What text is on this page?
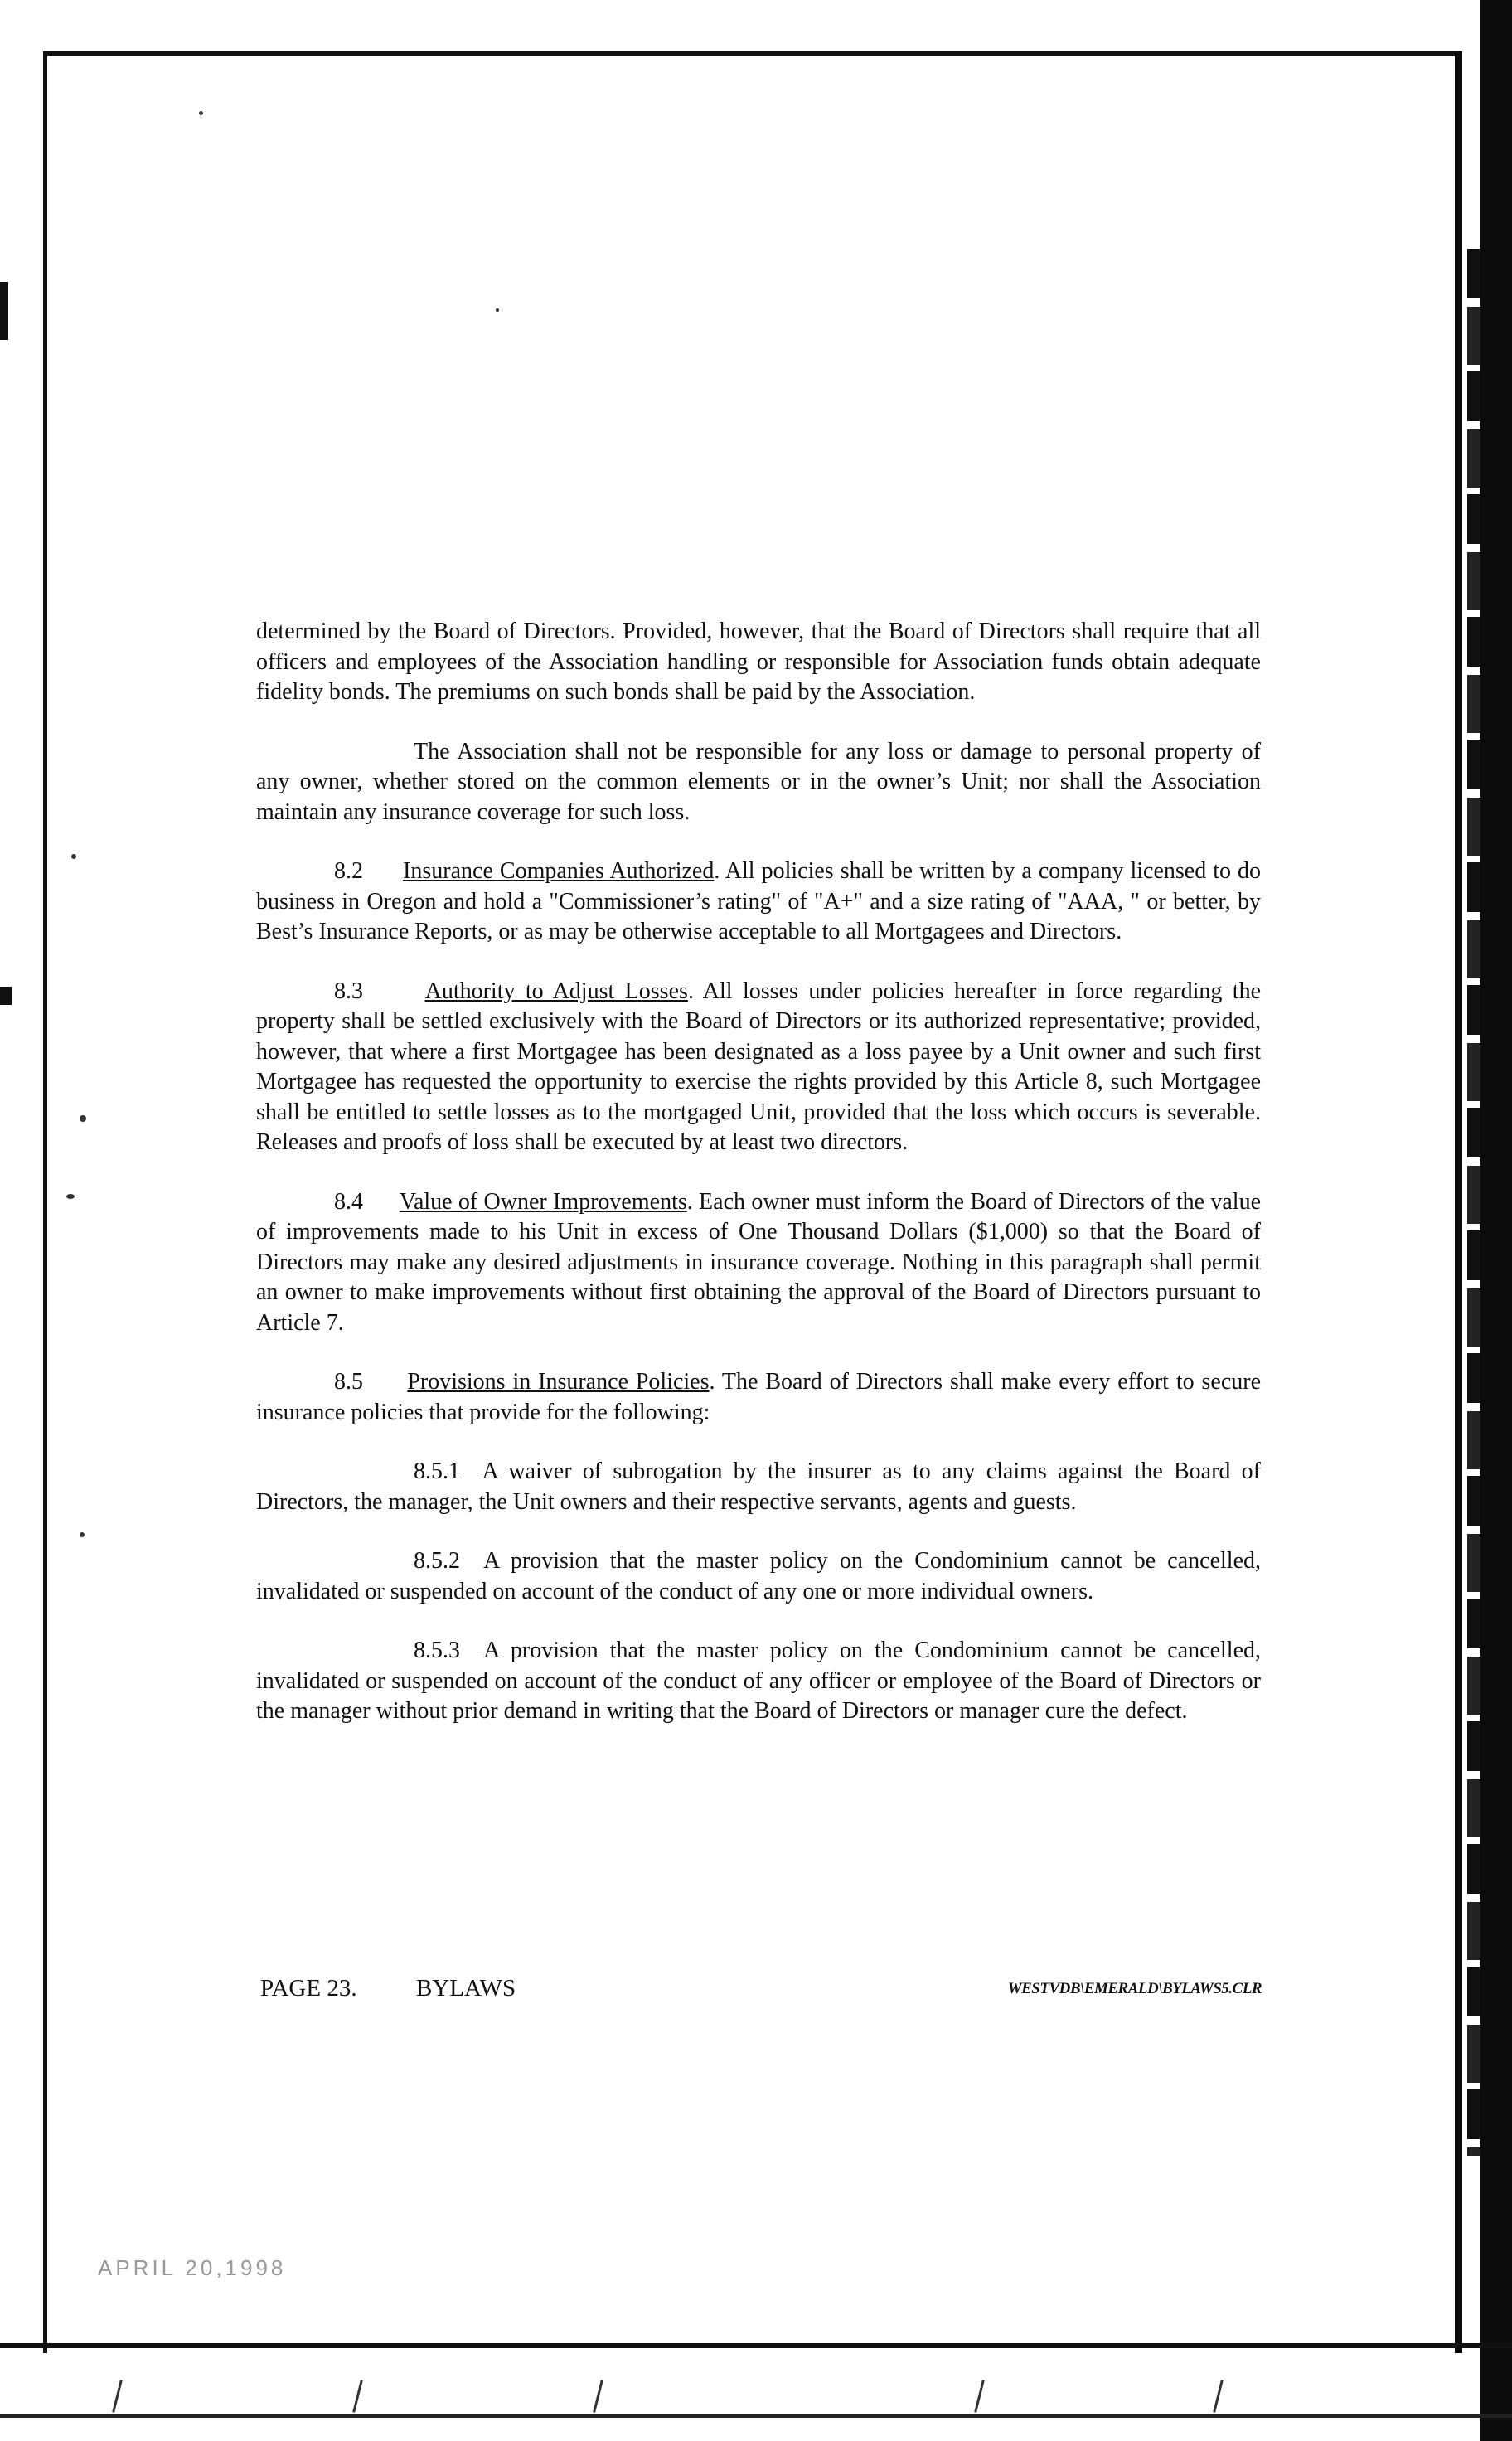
determined by the Board of Directors. Provided, however, that the Board of Directors shall require that all officers and employees of the Association handling or responsible for Association funds obtain adequate fidelity bonds. The premiums on such bonds shall be paid by the Association.

The Association shall not be responsible for any loss or damage to personal property of any owner, whether stored on the common elements or in the owner’s Unit; nor shall the Association maintain any insurance coverage for such loss.

8.2 Insurance Companies Authorized. All policies shall be written by a company licensed to do business in Oregon and hold a "Commissioner’s rating" of "A+" and a size rating of "AAA, " or better, by Best’s Insurance Reports, or as may be otherwise acceptable to all Mortgagees and Directors.

8.3	Authority to Adjust Losses. All losses under policies hereafter in force regarding the property shall be settled exclusively with the Board of Directors or its authorized representative; provided, however, that where a first Mortgagee has been designated as a loss payee by a Unit owner and such first Mortgagee has requested the opportunity to exercise the rights provided by this Article 8, such Mortgagee shall be entitled to settle losses as to the mortgaged Unit, provided that the loss which occurs is severable. Releases and proofs of loss shall be executed by at least two directors.

8.4 Value of Owner Improvements. Each owner must inform the Board of Directors of the value of improvements made to his Unit in excess of One Thousand Dollars ($1,000) so that the Board of Directors may make any desired adjustments in insurance coverage. Nothing in this paragraph shall permit an owner to make improvements without first obtaining the approval of the Board of Directors pursuant to Article 7.

8.5 Provisions in Insurance Policies. The Board of Directors shall make every effort to secure insurance policies that provide for the following:

8.5.1 A waiver of subrogation by the insurer as to any claims against the Board of Directors, the manager, the Unit owners and their respective servants, agents and guests.

8.5.2 A provision that the master policy on the Condominium cannot be cancelled, invalidated or suspended on account of the conduct of any one or more individual owners.

8.5.3 A provision that the master policy on the Condominium cannot be cancelled, invalidated or suspended on account of the conduct of any officer or employee of the Board of Directors or the manager without prior demand in writing that the Board of Directors or manager cure the defect.

PAGE 23. BYLAWS	WESTVDB\EMERALD\BYLAWS5.CLR
APRIL 20,1998
